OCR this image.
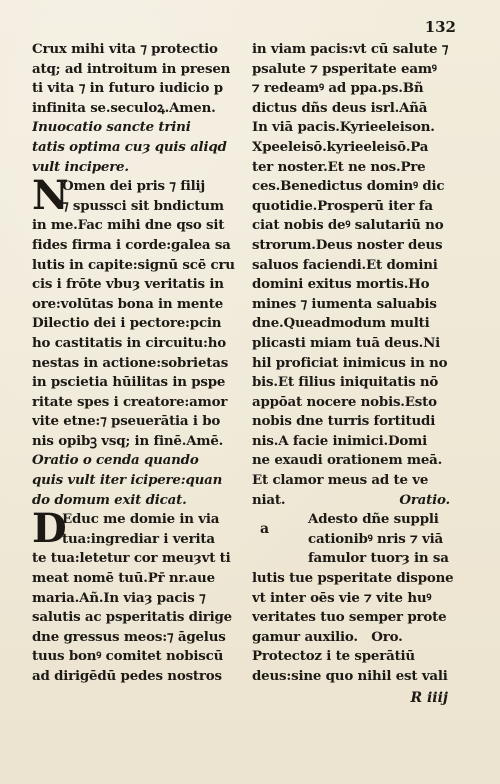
132
Crux mihi vita ⁊ protectio
atq; ad introitum in presen
ti vita ⁊ in futuro iudicio p
infinita se.seculoꝝ.Amen.
Inuocatio sancte trini
tatis optima cuȝ quis aliqd
vult incipere.
N
Omen dei pris ⁊ filij
⁊ spussci sit bndictum
in me.Fac mihi dne qso sit
fides firma i corde:galea sa
lutis in capite:signū scē cru
cis i frōte vbuȝ veritatis in
ore:volūtas bona in mente
Dilectio dei i pectore:pcin
ho castitatis in circuitu:ho
nestas in actione:sobrietas
in pscietia hūilitas in pspe
ritate spes i creatore:amor
vite etne:⁊ pseuerātia i bo
nis opibꝫ vsq; in finē.Amē.
Oratio o cenda quando
quis vult iter icipere:quan
do domum exit dicat.
D
Educ me domie in via
tua:ingrediar i verita
te tua:letetur cor meuȝvt ti
meat nomē tuū.Pr̄ nr.aue
maria.Añ.In viaȝ pacis ⁊
salutis ac psperitatis dirige
dne gressus meos:⁊ āgelus
tuus bonꝰ comitet nobiscū
ad dirigēdū pedes nostros
in viam pacis:vt cū salute ⁊
psalute ⁊ psperitate eamꝰ
⁊ redeamꝰ ad ppa.ps.Bñ
dictus dñs deus isrl.Añā
In viā pacis.Kyrieeleison.
Xpeeleisō.kyrieeleisō.Pa
ter noster.Et ne nos.Pre
ces.Benedictus dominꝰ dic
quotidie.Prosperū iter fa
ciat nobis deꝰ salutariū no
strorum.Deus noster deus
saluos faciendi.Et domini
domini exitus mortis.Ho
mines ⁊ iumenta saluabis
dne.Queadmodum multi
plicasti miam tuā deus.Ni
hil proficiat inimicus in no
bis.Et filius iniquitatis nō
appōat nocere nobis.Esto
nobis dne turris fortitudi
nis.A facie inimici.Domi
ne exaudi orationem meā.
Et clamor meus ad te ve
niat.	Oratio.
a
Adesto dñe suppli
cationibꝰ nris ⁊ viā
famulor tuorȝ in sa
lutis tue psperitate dispone
vt inter oēs vie ⁊ vite huꝰ
veritates tuo semper prote
gamur auxilio.   Oro.
Protectoz i te sperātiū
deus:sine quo nihil est vali
R iiij
